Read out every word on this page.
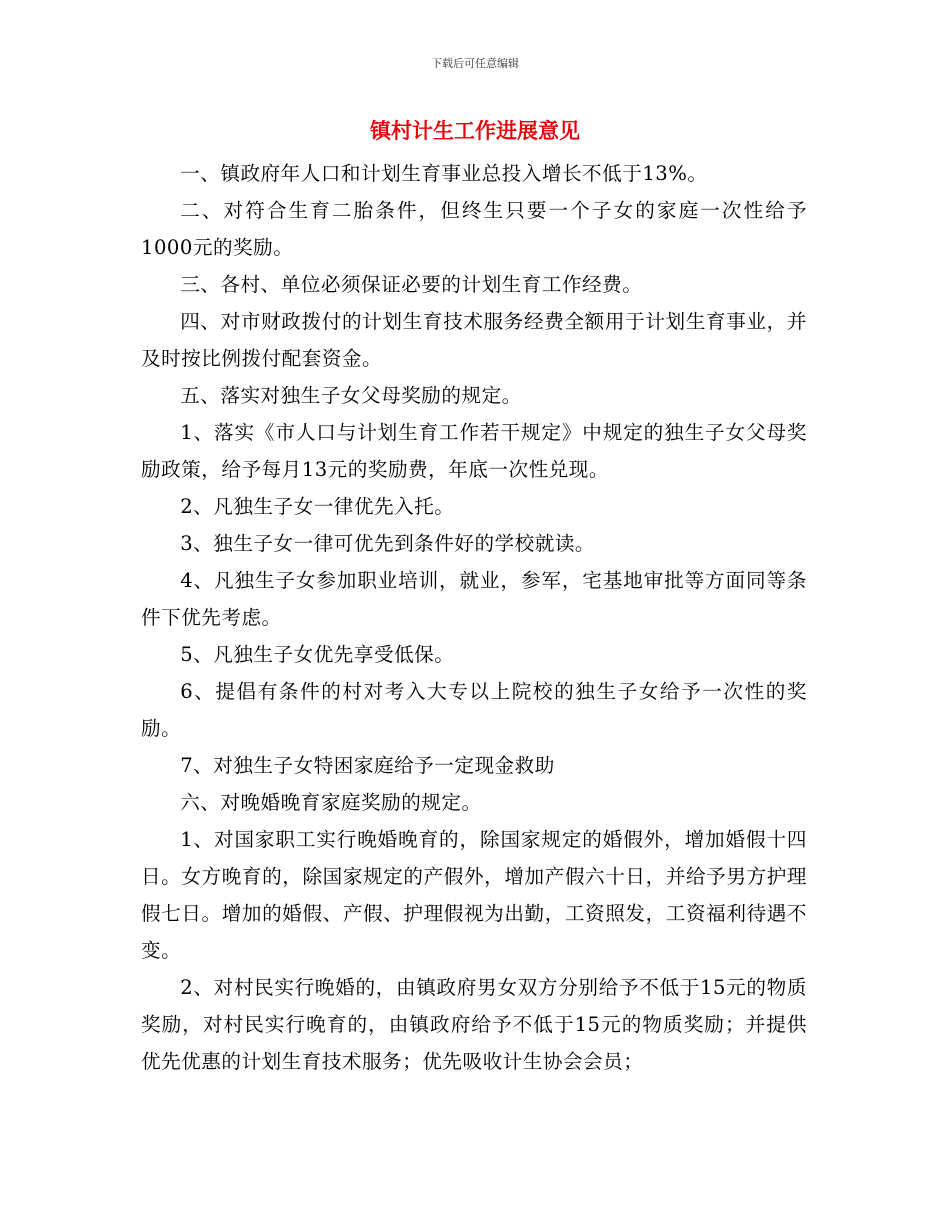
下载后可任意编辑
镇村计生工作进展意见

一、镇政府年人口和计划生育事业总投入增长不低于13%。

二、对符合生育二胎条件，但终生只要一个子女的家庭一次性给予1000元的奖励。

三、各村、单位必须保证必要的计划生育工作经费。

四、对市财政拨付的计划生育技术服务经费全额用于计划生育事业，并及时按比例拨付配套资金。

五、落实对独生子女父母奖励的规定。

1、落实《市人口与计划生育工作若干规定》中规定的独生子女父母奖励政策，给予每月13元的奖励费，年底一次性兑现。

2、凡独生子女一律优先入托。

3、独生子女一律可优先到条件好的学校就读。

4、凡独生子女参加职业培训，就业，参军，宅基地审批等方面同等条件下优先考虑。

5、凡独生子女优先享受低保。

6、提倡有条件的村对考入大专以上院校的独生子女给予一次性的奖励。

7、对独生子女特困家庭给予一定现金救助

六、对晚婚晚育家庭奖励的规定。

1、对国家职工实行晚婚晚育的，除国家规定的婚假外，增加婚假十四日。女方晚育的，除国家规定的产假外，增加产假六十日，并给予男方护理假七日。增加的婚假、产假、护理假视为出勤，工资照发，工资福利待遇不变。

2、对村民实行晚婚的，由镇政府男女双方分别给予不低于15元的物质奖励，对村民实行晚育的，由镇政府给予不低于15元的物质奖励；并提供优先优惠的计划生育技术服务；优先吸收计生协会会员；
